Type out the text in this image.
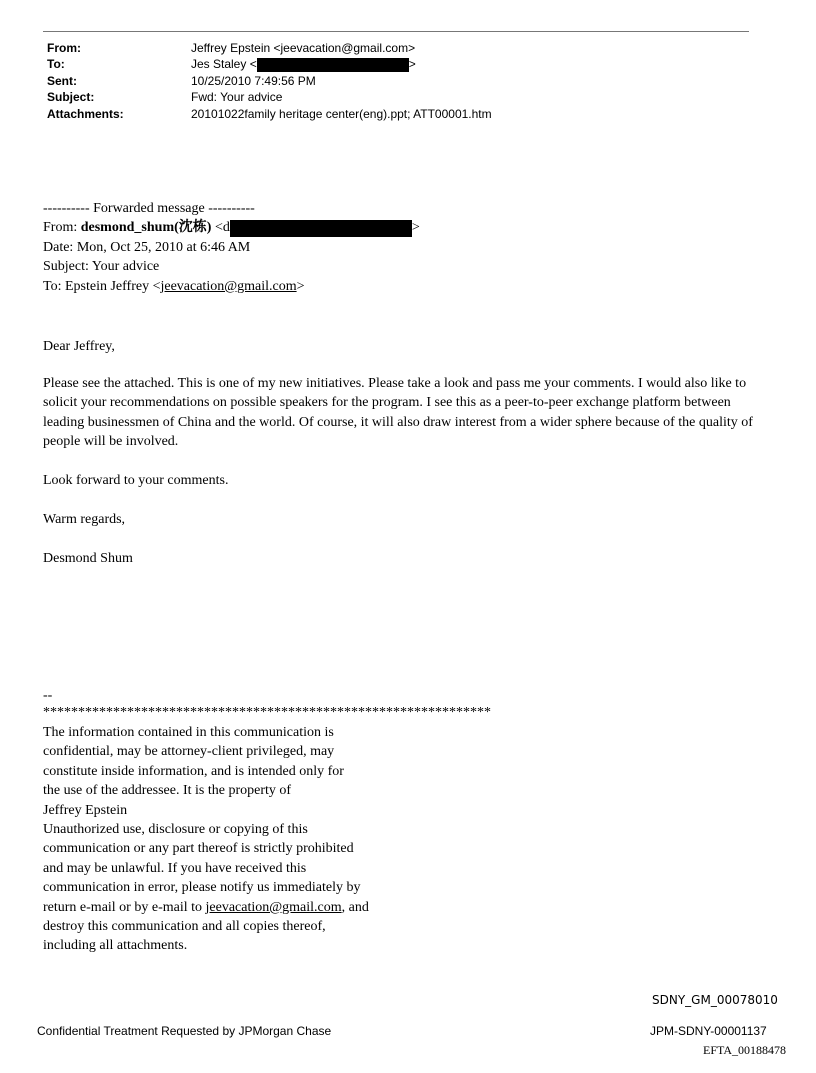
From:	Jeffrey Epstein <jeevacation@gmail.com>
To:	Jes Staley <	>
Sent:	10/25/2010 7:49:56 PM
Subject:	Fwd: Your advice
Attachments:	20101022family heritage center(eng).ppt; ATT00001.htm
---------- Forwarded message ----------
From: desmond_shum(沈栋) <d	>
Date: Mon, Oct 25, 2010 at 6:46 AM
Subject: Your advice
To: Epstein Jeffrey <jeevacation@gmail.com>
Dear Jeffrey,
Please see the attached. This is one of my new initiatives. Please take a look and pass me your comments. I would also like to solicit your recommendations on possible speakers for the program. I see this as a peer-to-peer exchange platform between leading businessmen of China and the world. Of course, it will also draw interest from a wider sphere because of the quality of people will be involved.
Look forward to your comments.
Warm regards,
Desmond Shum
--
****************************************************************
The information contained in this communication is
confidential, may be attorney-client privileged, may
constitute inside information, and is intended only for
the use of the addressee. It is the property of
Jeffrey Epstein
Unauthorized use, disclosure or copying of this
communication or any part thereof is strictly prohibited
and may be unlawful. If you have received this
communication in error, please notify us immediately by
return e-mail or by e-mail to jeevacation@gmail.com, and
destroy this communication and all copies thereof,
including all attachments.
SDNY_GM_00078010
Confidential Treatment Requested by JPMorgan Chase	JPM-SDNY-00001137
EFTA_00188478
